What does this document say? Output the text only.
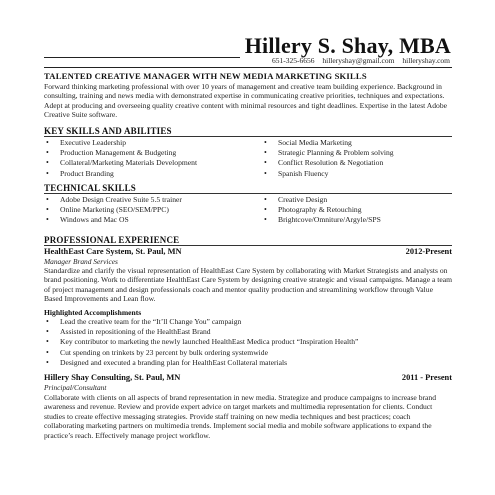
Hillery S. Shay, MBA
651-325-6656 hilleryshay@gmail.com hilleryshay.com
TALENTED CREATIVE MANAGER WITH NEW MEDIA MARKETING SKILLS
Forward thinking marketing professional with over 10 years of management and creative team building experience. Background in consulting, training and news media with demonstrated expertise in communicating creative priorities, techniques and expectations. Adept at producing and overseeing quality creative content with minimal resources and tight deadlines. Expertise in the latest Adobe Creative Suite software.
KEY SKILLS AND ABILITIES
• Executive Leadership
• Production Management & Budgeting
• Collateral/Marketing Materials Development
• Product Branding
• Social Media Marketing
• Strategic Planning & Problem solving
• Conflict Resolution & Negotiation
• Spanish Fluency
TECHNICAL SKILLS
• Adobe Design Creative Suite 5.5 trainer
• Online Marketing (SEO/SEM/PPC)
• Windows and Mac OS
• Creative Design
• Photography & Retouching
• Brightcove/Omniture/Argyle/SPS
PROFESSIONAL EXPERIENCE
HealthEast Care System, St. Paul, MN	2012-Present
Manager Brand Services
Standardize and clarify the visual representation of HealthEast Care System by collaborating with Market Strategists and analysts on brand positioning. Work to differentiate HealthEast Care System by designing creative strategic and visual campaigns. Manage a team of project management and design professionals coach and mentor quality production and streamlining workflow through Value Based Improvements and Lean flow.
Highlighted Accomplishments
• Lead the creative team for the “It’ll Change You” campaign
• Assisted in repositioning of the HealthEast Brand
• Key contributor to marketing the newly launched HealthEast Medica product “Inspiration Health”
• Cut spending on trinkets by 23 percent by bulk ordering systemwide
• Designed and executed a branding plan for HealthEast Collateral materials
Hillery Shay Consulting, St. Paul, MN	2011 - Present
Principal/Consultant
Collaborate with clients on all aspects of brand representation in new media. Strategize and produce campaigns to increase brand awareness and revenue. Review and provide expert advice on target markets and multimedia representation for clients. Conduct studies to create effective messaging strategies. Provide staff training on new media techniques and best practices; coach collaborating marketing partners on multimedia trends. Implement social media and mobile software applications to expand the practice’s reach. Effectively manage project workflow.
